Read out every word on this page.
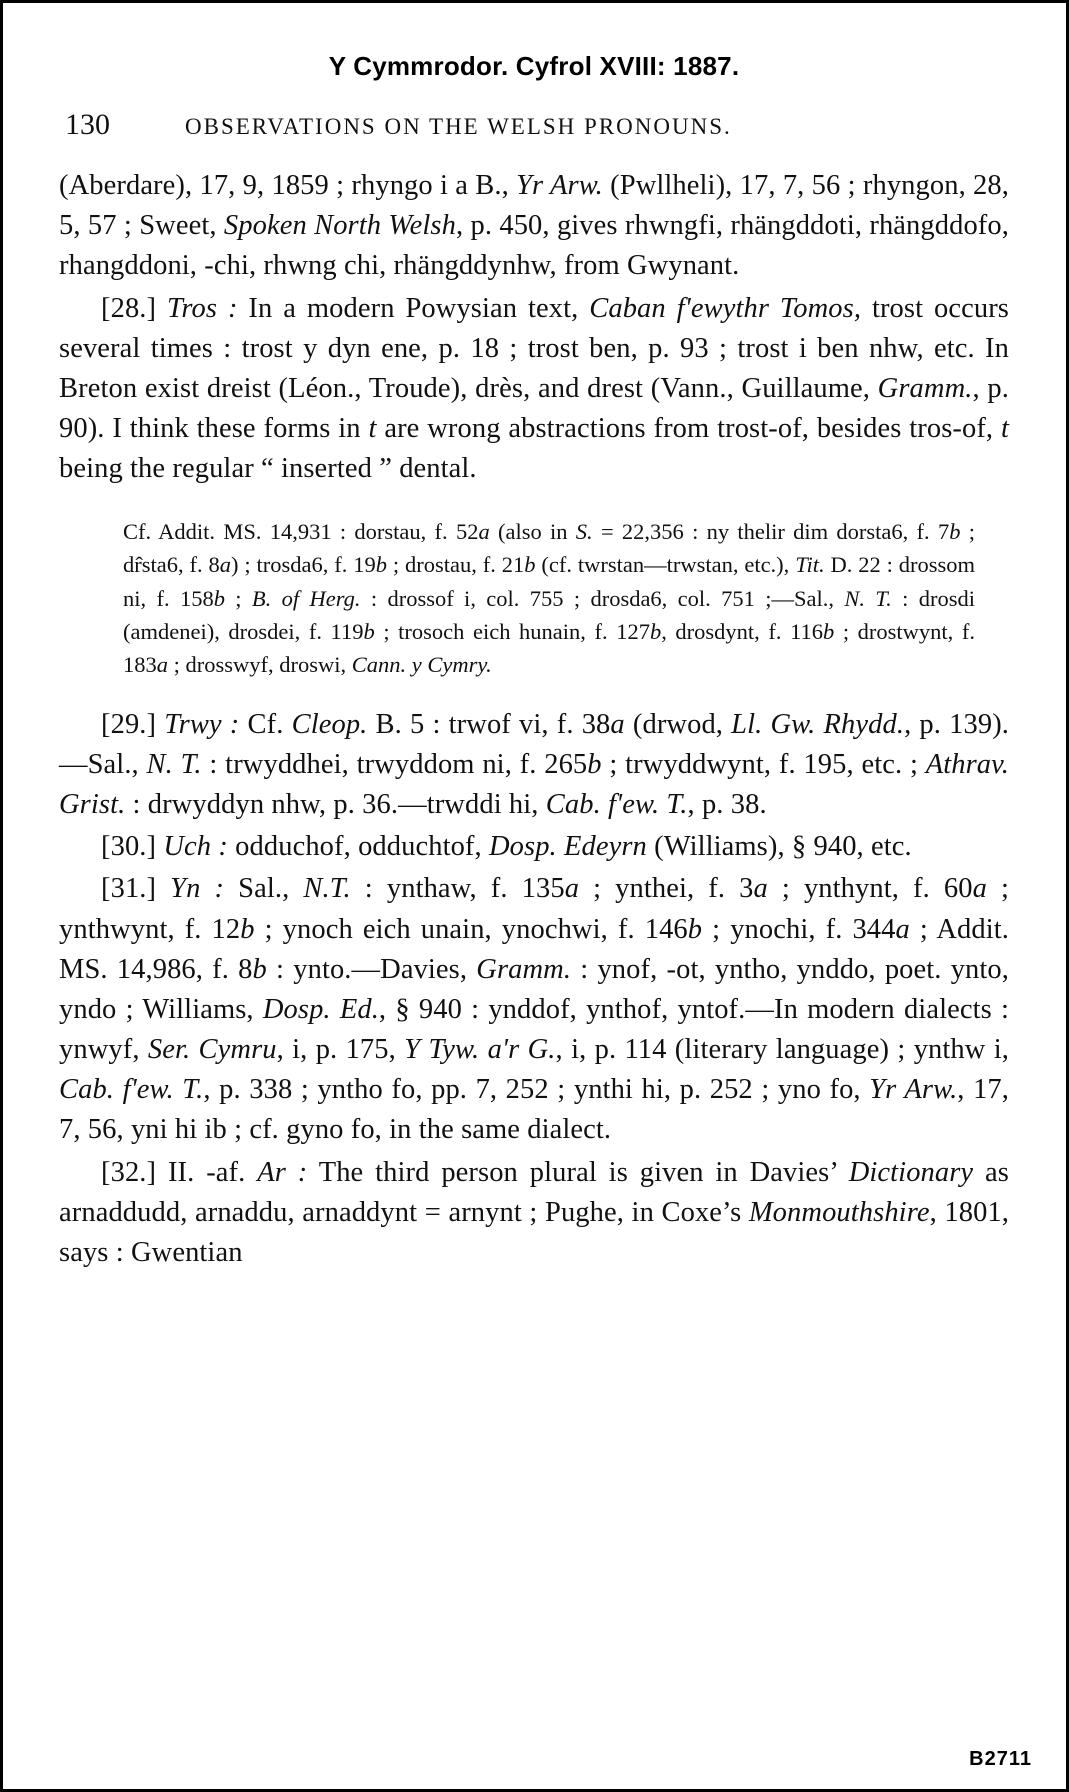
Y Cymmrodor. Cyfrol XVIII: 1887.
130	OBSERVATIONS ON THE WELSH PRONOUNS.

(Aberdare), 17, 9, 1859 ; rhyngo i a B., Yr Arw. (Pwllheli), 17, 7, 56 ; rhyngon, 28, 5, 57 ; Sweet, Spoken North Welsh, p. 450, gives rhwngfi, rhängddoti, rhängddofo, rhangddoni, -chi, rhwng chi, rhängddynhw, from Gwynant.

[28.] Tros : In a modern Powysian text, Caban f'ewythr Tomos, trost occurs several times : trost y dyn ene, p. 18 ; trost ben, p. 93 ; trost i ben nhw, etc. In Breton exist dreist (Léon., Troude), drès, and drest (Vann., Guillaume, Gramm., p. 90). I think these forms in t are wrong abstractions from trost-of, besides tros-of, t being the regular “ inserted ” dental.

Cf. Addit. MS. 14,931 : dorstau, f. 52a (also in S. = 22,356 : ny thelir dim dorsta6, f. 7b ; dr̂sta6, f. 8a) ; trosda6, f. 19b ; drostau, f. 21b (cf. twrstan—trwstan, etc.), Tit. D. 22 : drossom ni, f. 158b ; B. of Herg. : drossof i, col. 755 ; drosda6, col. 751 ;—Sal., N. T. : drosdi (amdenei), drosdei, f. 119b ; trosoch eich hunain, f. 127b, drosdynt, f. 116b ; drostwynt, f. 183a ; drosswyf, droswi, Cann. y Cymry.

[29.] Trwy : Cf. Cleop. B. 5 : trwof vi, f. 38a (drwod, Ll. Gw. Rhydd., p. 139).—Sal., N. T. : trwyddhei, trwyddom ni, f. 265b ; trwyddwynt, f. 195, etc. ; Athrav. Grist. : drwyddyn nhw, p. 36.—trwddi hi, Cab. f'ew. T., p. 38.

[30.] Uch : odduchof, odduchtof, Dosp. Edeyrn (Williams), § 940, etc.

[31.] Yn : Sal., N.T. : ynthaw, f. 135a ; ynthei, f. 3a ; ynthynt, f. 60a ; ynthwynt, f. 12b ; ynoch eich unain, ynochwi, f. 146b ; ynochi, f. 344a ; Addit. MS. 14,986, f. 8b : ynto.—Davies, Gramm. : ynof, -ot, yntho, ynddo, poet. ynto, yndo ; Williams, Dosp. Ed., § 940 : ynddof, ynthof, yntof.—In modern dialects : ynwyf, Ser. Cymru, i, p. 175, Y Tyw. a'r G., i, p. 114 (literary language) ; ynthw i, Cab. f'ew. T., p. 338 ; yntho fo, pp. 7, 252 ; ynthi hi, p. 252 ; yno fo, Yr Arw., 17, 7, 56, yni hi ib ; cf. gyno fo, in the same dialect.

[32.] II. -af. Ar : The third person plural is given in Davies’ Dictionary as arnaddudd, arnaddu, arnaddynt = arnynt ; Pughe, in Coxe’s Monmouthshire, 1801, says : Gwentian

B2711
